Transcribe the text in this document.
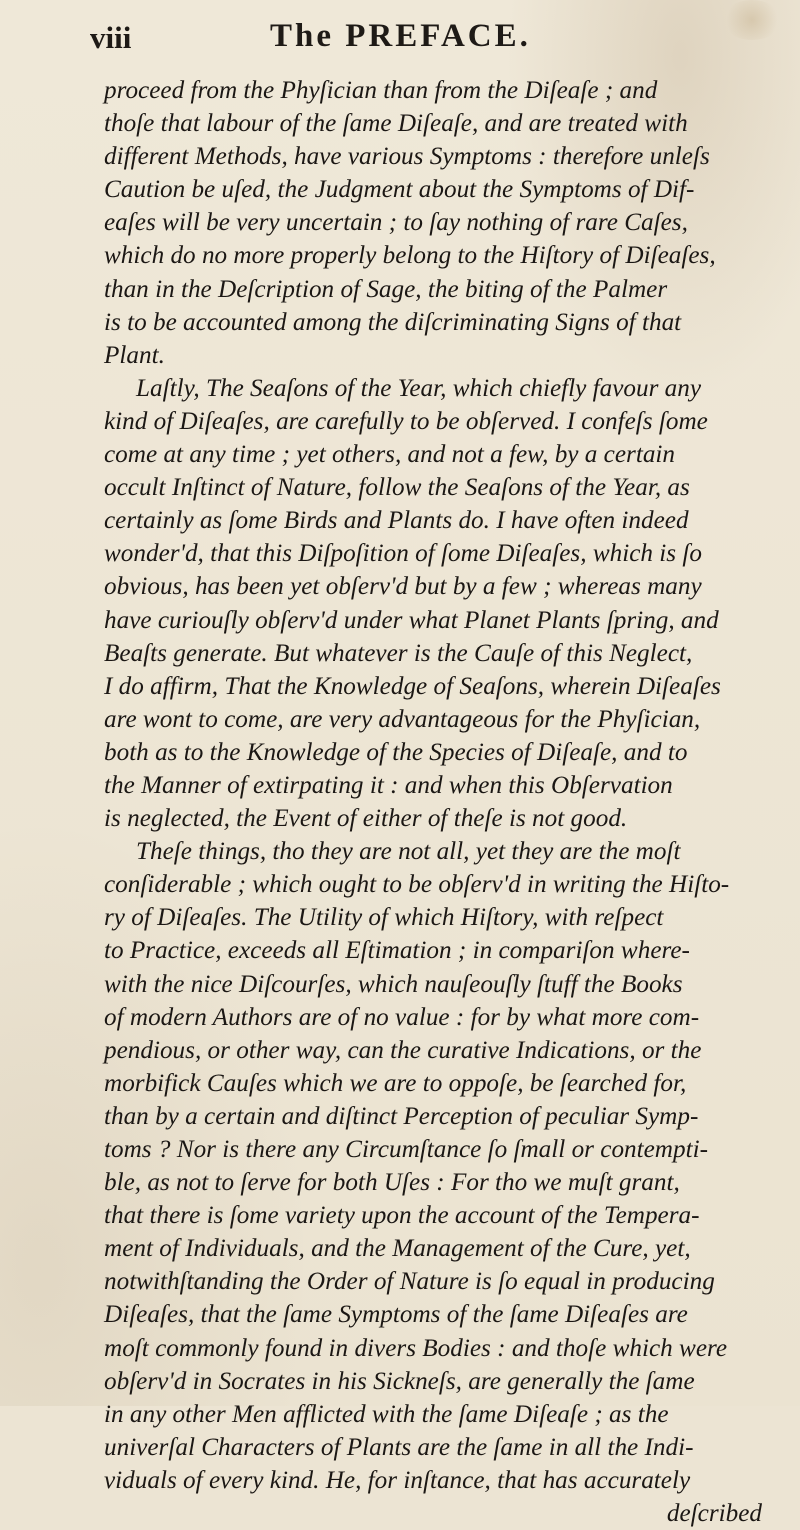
viii	The PREFACE.
proceed from the Phyſician than from the Diſeaſe ; and
thoſe that labour of the ſame Diſeaſe, and are treated with
different Methods, have various Symptoms : therefore unleſs
Caution be uſed, the Judgment about the Symptoms of Dif-
eaſes will be very uncertain ; to ſay nothing of rare Caſes,
which do no more properly belong to the Hiſtory of Diſeaſes,
than in the Deſcription of Sage, the biting of the Palmer
is to be accounted among the diſcriminating Signs of that
Plant.
Laſtly, The Seaſons of the Year, which chiefly favour any
kind of Diſeaſes, are carefully to be obſerved. I confeſs ſome
come at any time ; yet others, and not a few, by a certain
occult Inſtinct of Nature, follow the Seaſons of the Year, as
certainly as ſome Birds and Plants do. I have often indeed
wonder'd, that this Diſpoſition of ſome Diſeaſes, which is ſo
obvious, has been yet obſerv'd but by a few ; whereas many
have curiouſly obſerv'd under what Planet Plants ſpring, and
Beaſts generate. But whatever is the Cauſe of this Neglect,
I do affirm, That the Knowledge of Seaſons, wherein Diſeaſes
are wont to come, are very advantageous for the Phyſician,
both as to the Knowledge of the Species of Diſeaſe, and to
the Manner of extirpating it : and when this Obſervation
is neglected, the Event of either of theſe is not good.
Theſe things, tho they are not all, yet they are the moſt
conſiderable ; which ought to be obſerv'd in writing the Hiſto-
ry of Diſeaſes. The Utility of which Hiſtory, with reſpect
to Practice, exceeds all Eſtimation ; in compariſon where-
with the nice Diſcourſes, which nauſeouſly ſtuff the Books
of modern Authors are of no value : for by what more com-
pendious, or other way, can the curative Indications, or the
morbifick Cauſes which we are to oppoſe, be ſearched for,
than by a certain and diſtinct Perception of peculiar Symp-
toms ? Nor is there any Circumſtance ſo ſmall or contempti-
ble, as not to ſerve for both Uſes : For tho we muſt grant,
that there is ſome variety upon the account of the Tempera-
ment of Individuals, and the Management of the Cure, yet,
notwithſtanding the Order of Nature is ſo equal in producing
Diſeaſes, that the ſame Symptoms of the ſame Diſeaſes are
moſt commonly found in divers Bodies : and thoſe which were
obſerv'd in Socrates in his Sickneſs, are generally the ſame
in any other Men afflicted with the ſame Diſeaſe ; as the
univerſal Characters of Plants are the ſame in all the Indi-
viduals of every kind. He, for inſtance, that has accurately
deſcribed
